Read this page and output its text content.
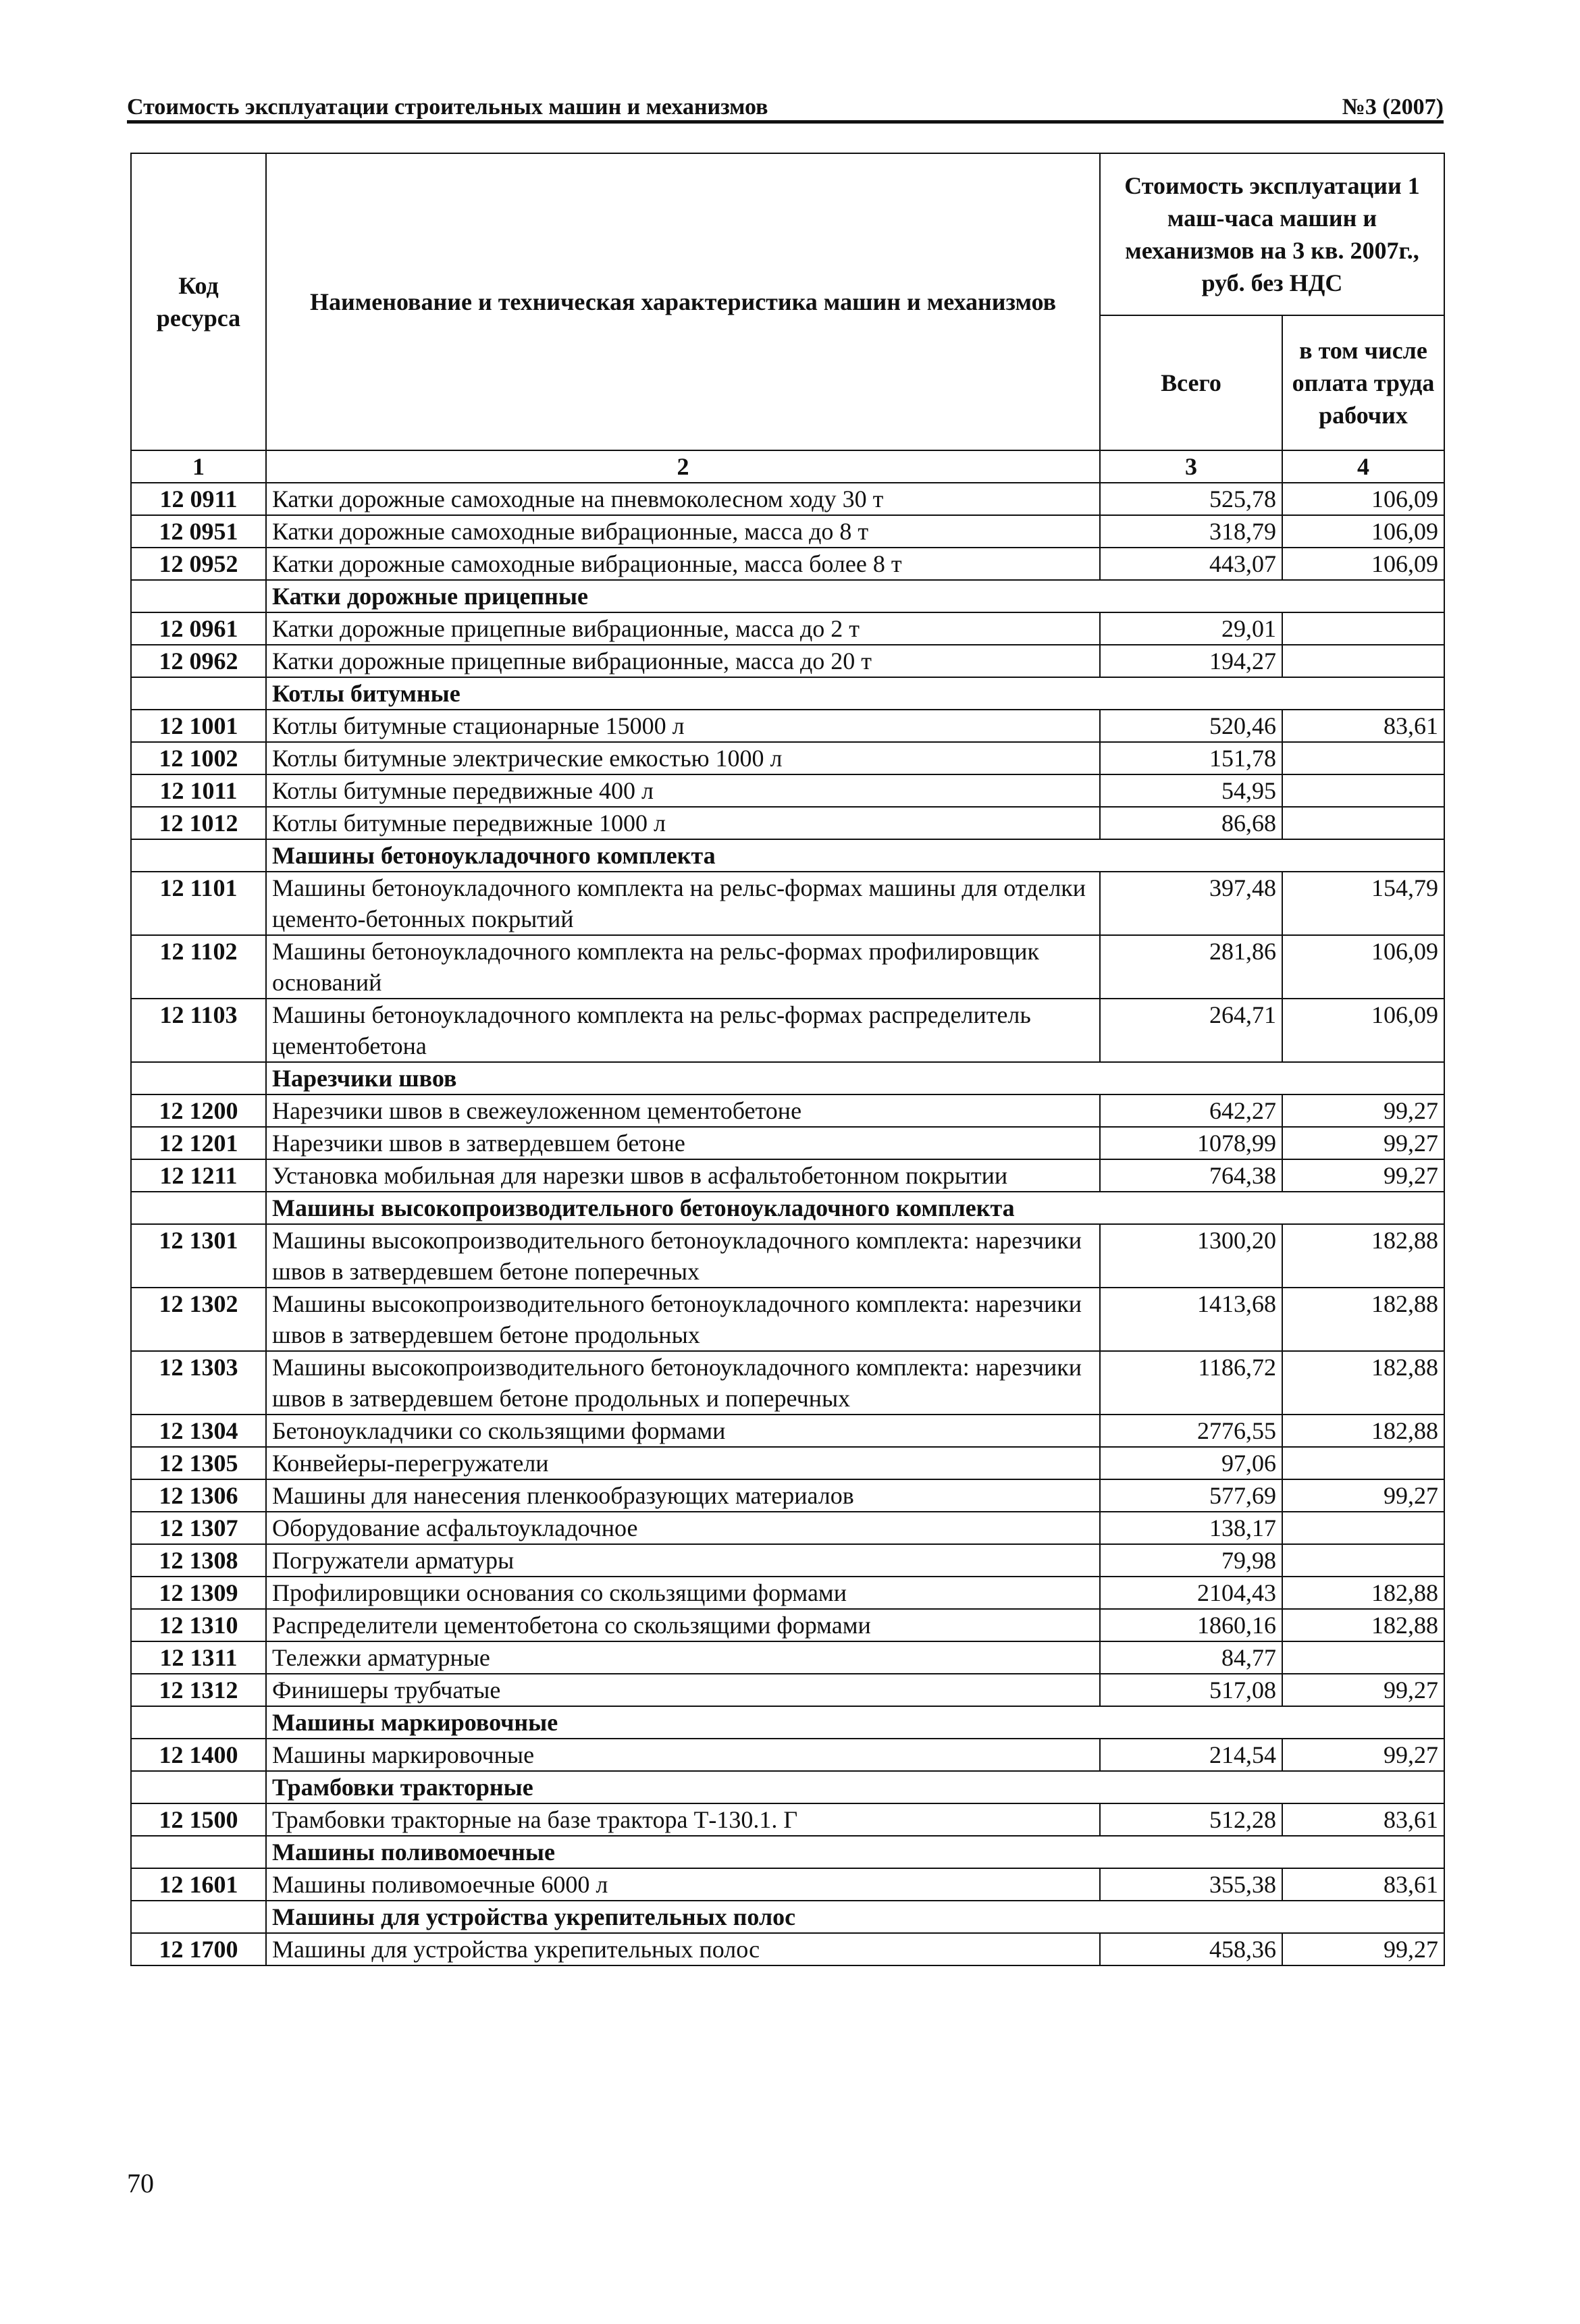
Стоимость эксплуатации строительных машин и механизмов	№3 (2007)
Код ресурса	Наименование и техническая характеристика машин и механизмов	Стоимость эксплуатации 1 маш-часа машин и механизмов на 3 кв. 2007г., руб. без НДС	
		Всего	в том числе оплата труда рабочих
1	2	3	4
12 0911	Катки дорожные самоходные на пневмоколесном ходу 30 т	525,78	106,09
12 0951	Катки дорожные самоходные вибрационные, масса до 8 т	318,79	106,09
12 0952	Катки дорожные самоходные вибрационные, масса более 8 т	443,07	106,09
	Катки дорожные прицепные		
12 0961	Катки дорожные прицепные вибрационные, масса до 2 т	29,01	
12 0962	Катки дорожные прицепные вибрационные, масса до 20 т	194,27	
	Котлы битумные		
12 1001	Котлы битумные стационарные 15000 л	520,46	83,61
12 1002	Котлы битумные электрические емкостью 1000 л	151,78	
12 1011	Котлы битумные передвижные 400 л	54,95	
12 1012	Котлы битумные передвижные 1000 л	86,68	
	Машины бетоноукладочного комплекта		
12 1101	Машины бетоноукладочного комплекта на рельс-формах машины для отделки цементо-бетонных покрытий	397,48	154,79
12 1102	Машины бетоноукладочного комплекта на рельс-формах профилировщик оснований	281,86	106,09
12 1103	Машины бетоноукладочного комплекта на рельс-формах распределитель цементобетона	264,71	106,09
	Нарезчики швов		
12 1200	Нарезчики швов в свежеуложенном цементобетоне	642,27	99,27
12 1201	Нарезчики швов в затвердевшем бетоне	1078,99	99,27
12 1211	Установка мобильная для нарезки швов в асфальтобетонном покрытии	764,38	99,27
	Машины высокопроизводительного бетоноукладочного комплекта		
12 1301	Машины высокопроизводительного бетоноукладочного комплекта: нарезчики швов в затвердевшем бетоне поперечных	1300,20	182,88
12 1302	Машины высокопроизводительного бетоноукладочного комплекта: нарезчики швов в затвердевшем бетоне продольных	1413,68	182,88
12 1303	Машины высокопроизводительного бетоноукладочного комплекта: нарезчики швов в затвердевшем бетоне продольных и поперечных	1186,72	182,88
12 1304	Бетоноукладчики со скользящими формами	2776,55	182,88
12 1305	Конвейеры-перегружатели	97,06	
12 1306	Машины для нанесения пленкообразующих материалов	577,69	99,27
12 1307	Оборудование асфальтоукладочное	138,17	
12 1308	Погружатели арматуры	79,98	
12 1309	Профилировщики основания со скользящими формами	2104,43	182,88
12 1310	Распределители цементобетона со скользящими формами	1860,16	182,88
12 1311	Тележки арматурные	84,77	
12 1312	Финишеры трубчатые	517,08	99,27
	Машины маркировочные		
12 1400	Машины маркировочные	214,54	99,27
	Трамбовки тракторные		
12 1500	Трамбовки тракторные на базе трактора Т-130.1. Г	512,28	83,61
	Машины поливомоечные		
12 1601	Машины поливомоечные 6000 л	355,38	83,61
	Машины для устройства укрепительных полос		
12 1700	Машины для устройства укрепительных полос	458,36	99,27
70
